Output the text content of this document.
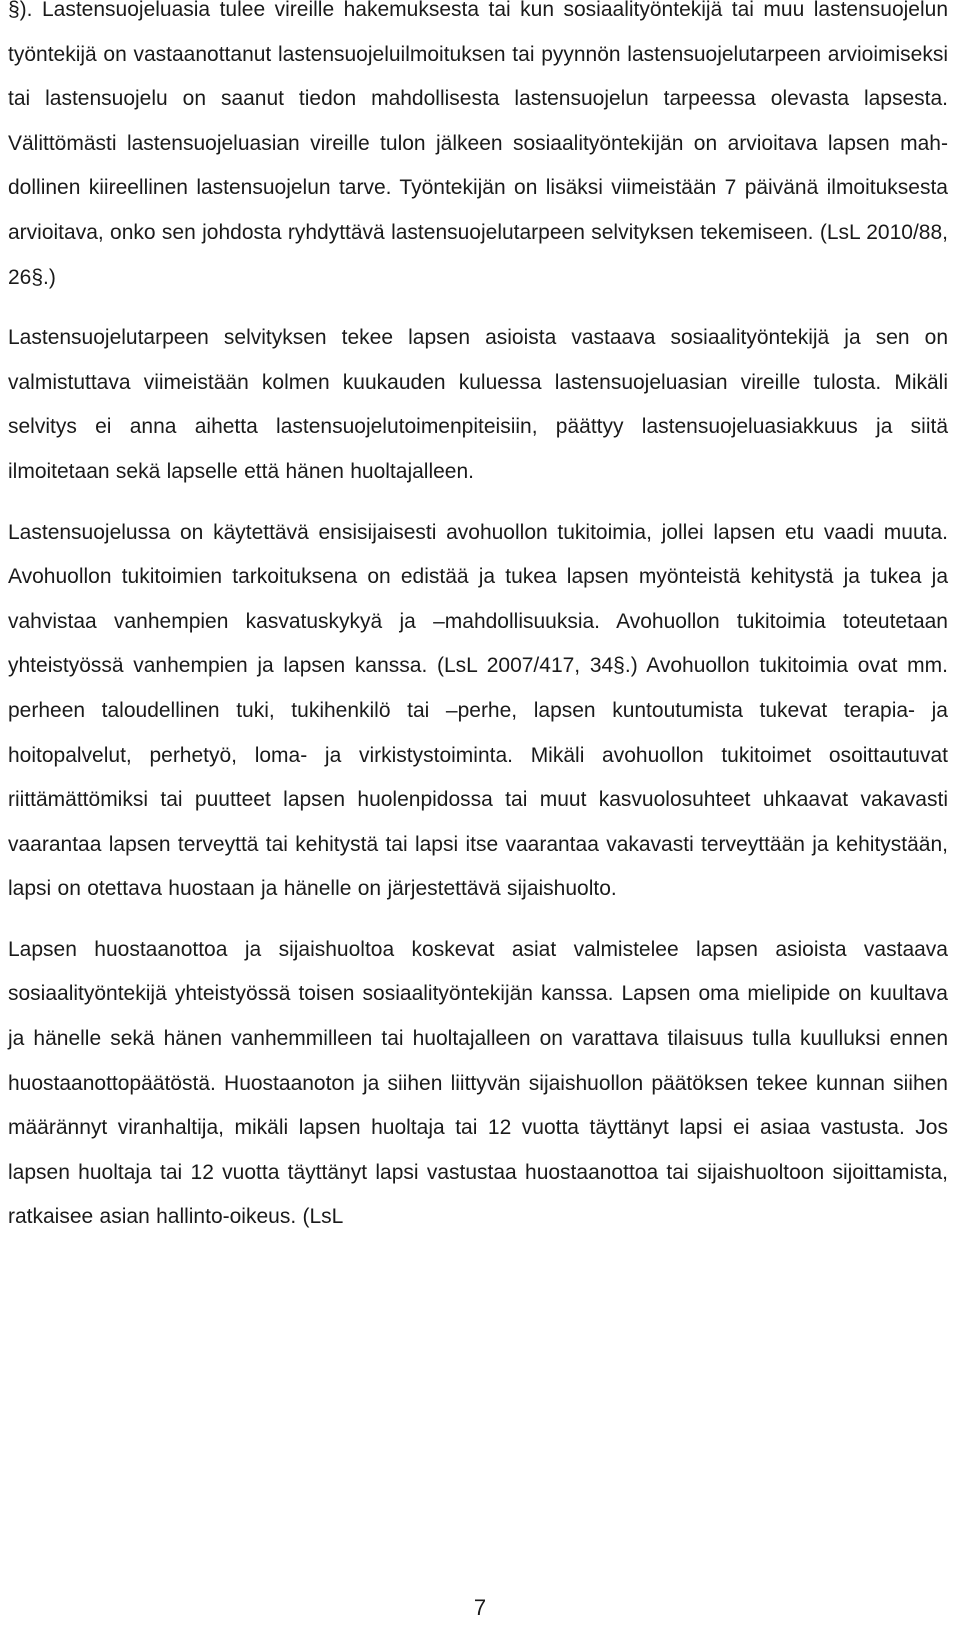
§). Lastensuojeluasia tulee vireille hakemuksesta tai kun sosiaalityöntekijä tai muu lastensuojelun työntekijä on vastaanottanut lastensuojeluilmoituksen tai pyynnön lastensuojelutarpeen arvioimiseksi tai lastensuojelu on saanut tiedon mahdollisesta lastensuojelun tarpeessa olevasta lapsesta. Välittömästi lastensuojeluasian vireille tulon jälkeen sosiaalityöntekijän on arvioitava lapsen mahdollinen kiireellinen lastensuojelun tarve. Työntekijän on lisäksi viimeistään 7 päivänä ilmoituksesta arvioitava, onko sen johdosta ryhdyttävä lastensuojelutarpeen selvityksen tekemiseen. (LsL 2010/88, 26§.)

Lastensuojelutarpeen selvityksen tekee lapsen asioista vastaava sosiaalityöntekijä ja sen on valmistuttava viimeistään kolmen kuukauden kuluessa lastensuojeluasian vireille tulosta. Mikäli selvitys ei anna aihetta lastensuojelutoimenpiteisiin, päättyy lastensuojeluasiakkuus ja siitä ilmoitetaan sekä lapselle että hänen huoltajalleen.

Lastensuojelussa on käytettävä ensisijaisesti avohuollon tukitoimia, jollei lapsen etu vaadi muuta. Avohuollon tukitoimien tarkoituksena on edistää ja tukea lapsen myönteistä kehitystä ja tukea ja vahvistaa vanhempien kasvatuskykyä ja –mahdollisuuksia. Avohuollon tukitoimia toteutetaan yhteistyössä vanhempien ja lapsen kanssa. (LsL 2007/417, 34§.) Avohuollon tukitoimia ovat mm. perheen taloudellinen tuki, tukihenkilö tai –perhe, lapsen kuntoutumista tukevat terapia- ja hoitopalvelut, perhetyö, loma- ja virkistystoiminta. Mikäli avohuollon tukitoimet osoittautuvat riittämättömiksi tai puutteet lapsen huolenpidossa tai muut kasvuolosuhteet uhkaavat vakavasti vaarantaa lapsen terveyttä tai kehitystä tai lapsi itse vaarantaa vakavasti terveyttään ja kehitystään, lapsi on otettava huostaan ja hänelle on järjestettävä sijaishuolto.

Lapsen huostaanottoa ja sijaishuoltoa koskevat asiat valmistelee lapsen asioista vastaava sosiaalityöntekijä yhteistyössä toisen sosiaalityöntekijän kanssa. Lapsen oma mielipide on kuultava ja hänelle sekä hänen vanhemmilleen tai huoltajalleen on varattava tilaisuus tulla kuulluksi ennen huostaanottopäätöstä. Huostaanoton ja siihen liittyvän sijaishuollon päätöksen tekee kunnan siihen määrännyt viranhaltija, mikäli lapsen huoltaja tai 12 vuotta täyttänyt lapsi ei asiaa vastusta. Jos lapsen huoltaja tai 12 vuotta täyttänyt lapsi vastustaa huostaanottoa tai sijaishuoltoon sijoittamista, ratkaisee asian hallinto-oikeus. (LsL

7
